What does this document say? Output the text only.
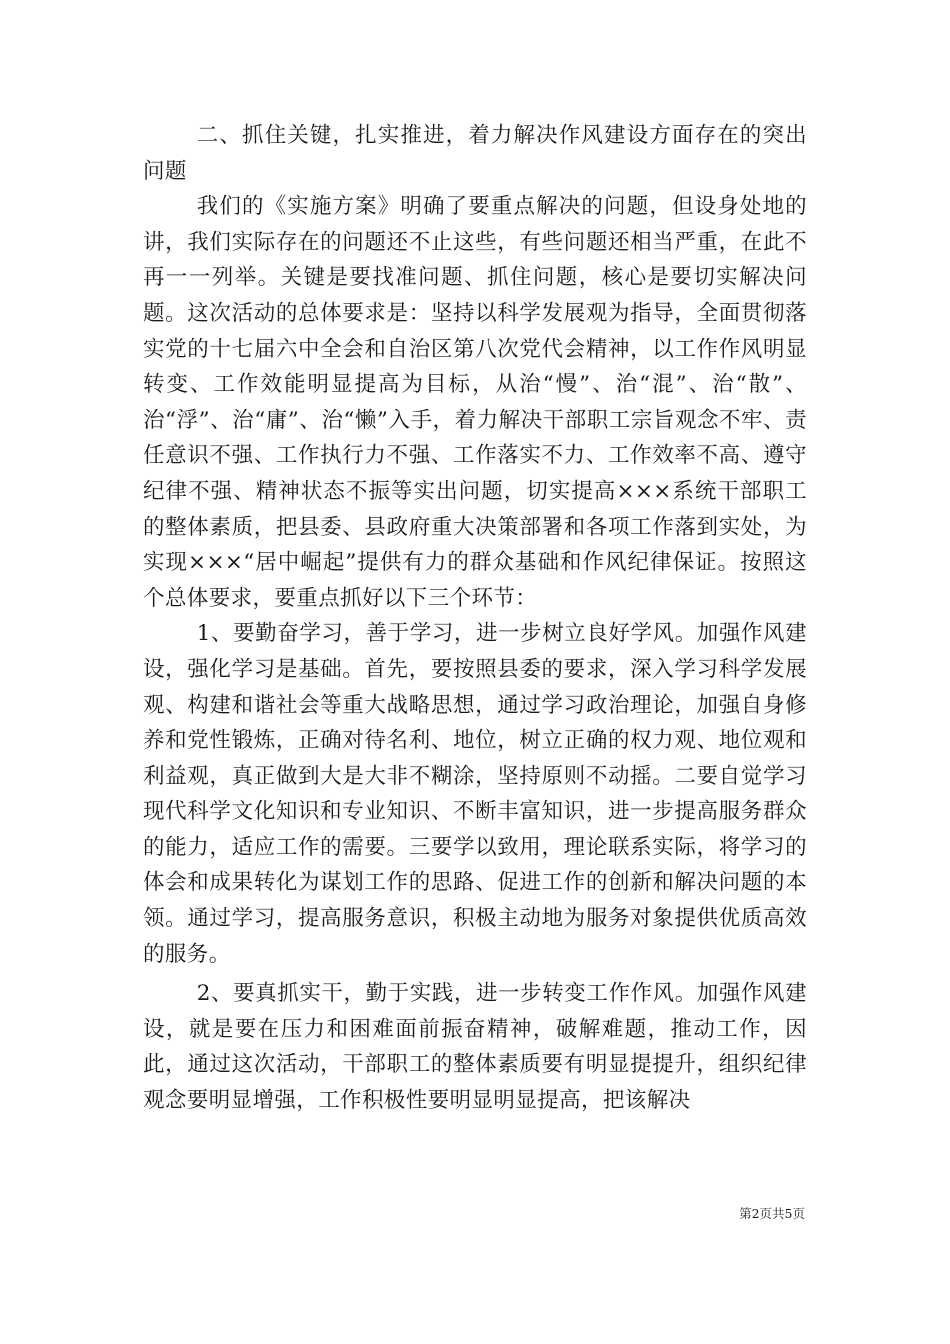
二、抓住关键，扎实推进，着力解决作风建设方面存在的突出问题

我们的《实施方案》明确了要重点解决的问题，但设身处地的讲，我们实际存在的问题还不止这些，有些问题还相当严重，在此不再一一列举。关键是要找准问题、抓住问题，核心是要切实解决问题。这次活动的总体要求是：坚持以科学发展观为指导，全面贯彻落实党的十七届六中全会和自治区第八次党代会精神，以工作作风明显转变、工作效能明显提高为目标，从治“慢”、治“混”、治“散”、治“浮”、治“庸”、治“懒”入手，着力解决干部职工宗旨观念不牢、责任意识不强、工作执行力不强、工作落实不力、工作效率不高、遵守纪律不强、精神状态不振等实出问题，切实提高×××系统干部职工的整体素质，把县委、县政府重大决策部署和各项工作落到实处，为实现×××“居中崛起”提供有力的群众基础和作风纪律保证。按照这个总体要求，要重点抓好以下三个环节：

1、要勤奋学习，善于学习，进一步树立良好学风。加强作风建设，强化学习是基础。首先，要按照县委的要求，深入学习科学发展观、构建和谐社会等重大战略思想，通过学习政治理论，加强自身修养和党性锻炼，正确对待名利、地位，树立正确的权力观、地位观和利益观，真正做到大是大非不糊涂，坚持原则不动摇。二要自觉学习现代科学文化知识和专业知识、不断丰富知识，进一步提高服务群众的能力，适应工作的需要。三要学以致用，理论联系实际，将学习的体会和成果转化为谋划工作的思路、促进工作的创新和解决问题的本领。通过学习，提高服务意识，积极主动地为服务对象提供优质高效的服务。

2、要真抓实干，勤于实践，进一步转变工作作风。加强作风建设，就是要在压力和困难面前振奋精神，破解难题，推动工作，因此，通过这次活动，干部职工的整体素质要有明显提提升，组织纪律观念要明显增强，工作积极性要明显明显提高，把该解决

第2页共5页
